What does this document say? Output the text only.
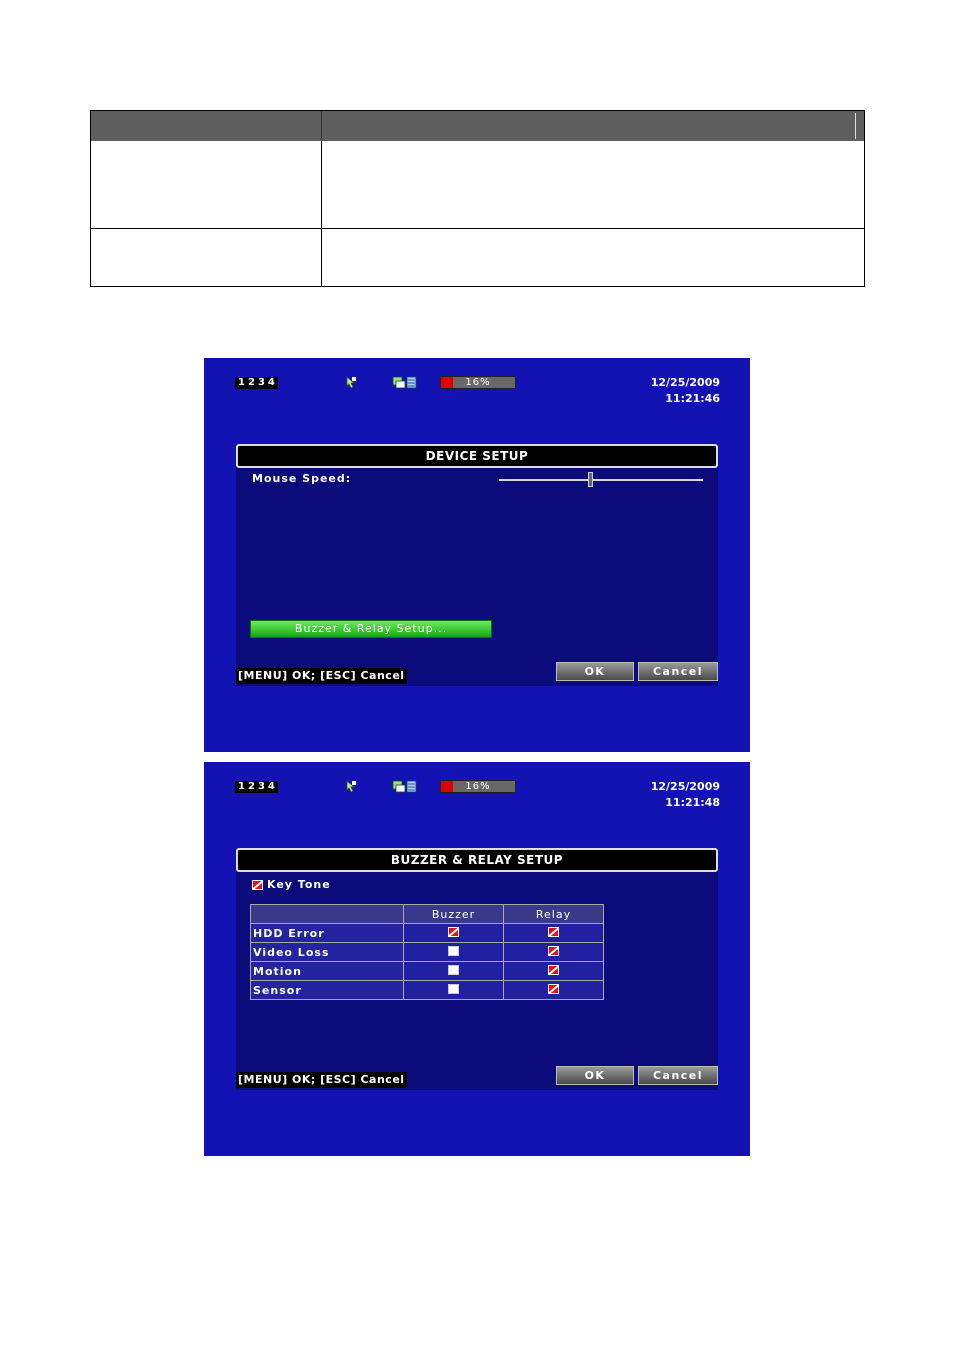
1 2 3 4	16%	12/25/2009
11:21:46
DEVICE SETUP
Mouse Speed:
Buzzer & Relay Setup...
[MENU] OK; [ESC] Cancel	OK	Cancel
1 2 3 4	16%	12/25/2009
11:21:48
BUZZER & RELAY SETUP
Key Tone
	Buzzer	Relay
HDD Error		
Video Loss		
Motion		
Sensor		
[MENU] OK; [ESC] Cancel	OK	Cancel
